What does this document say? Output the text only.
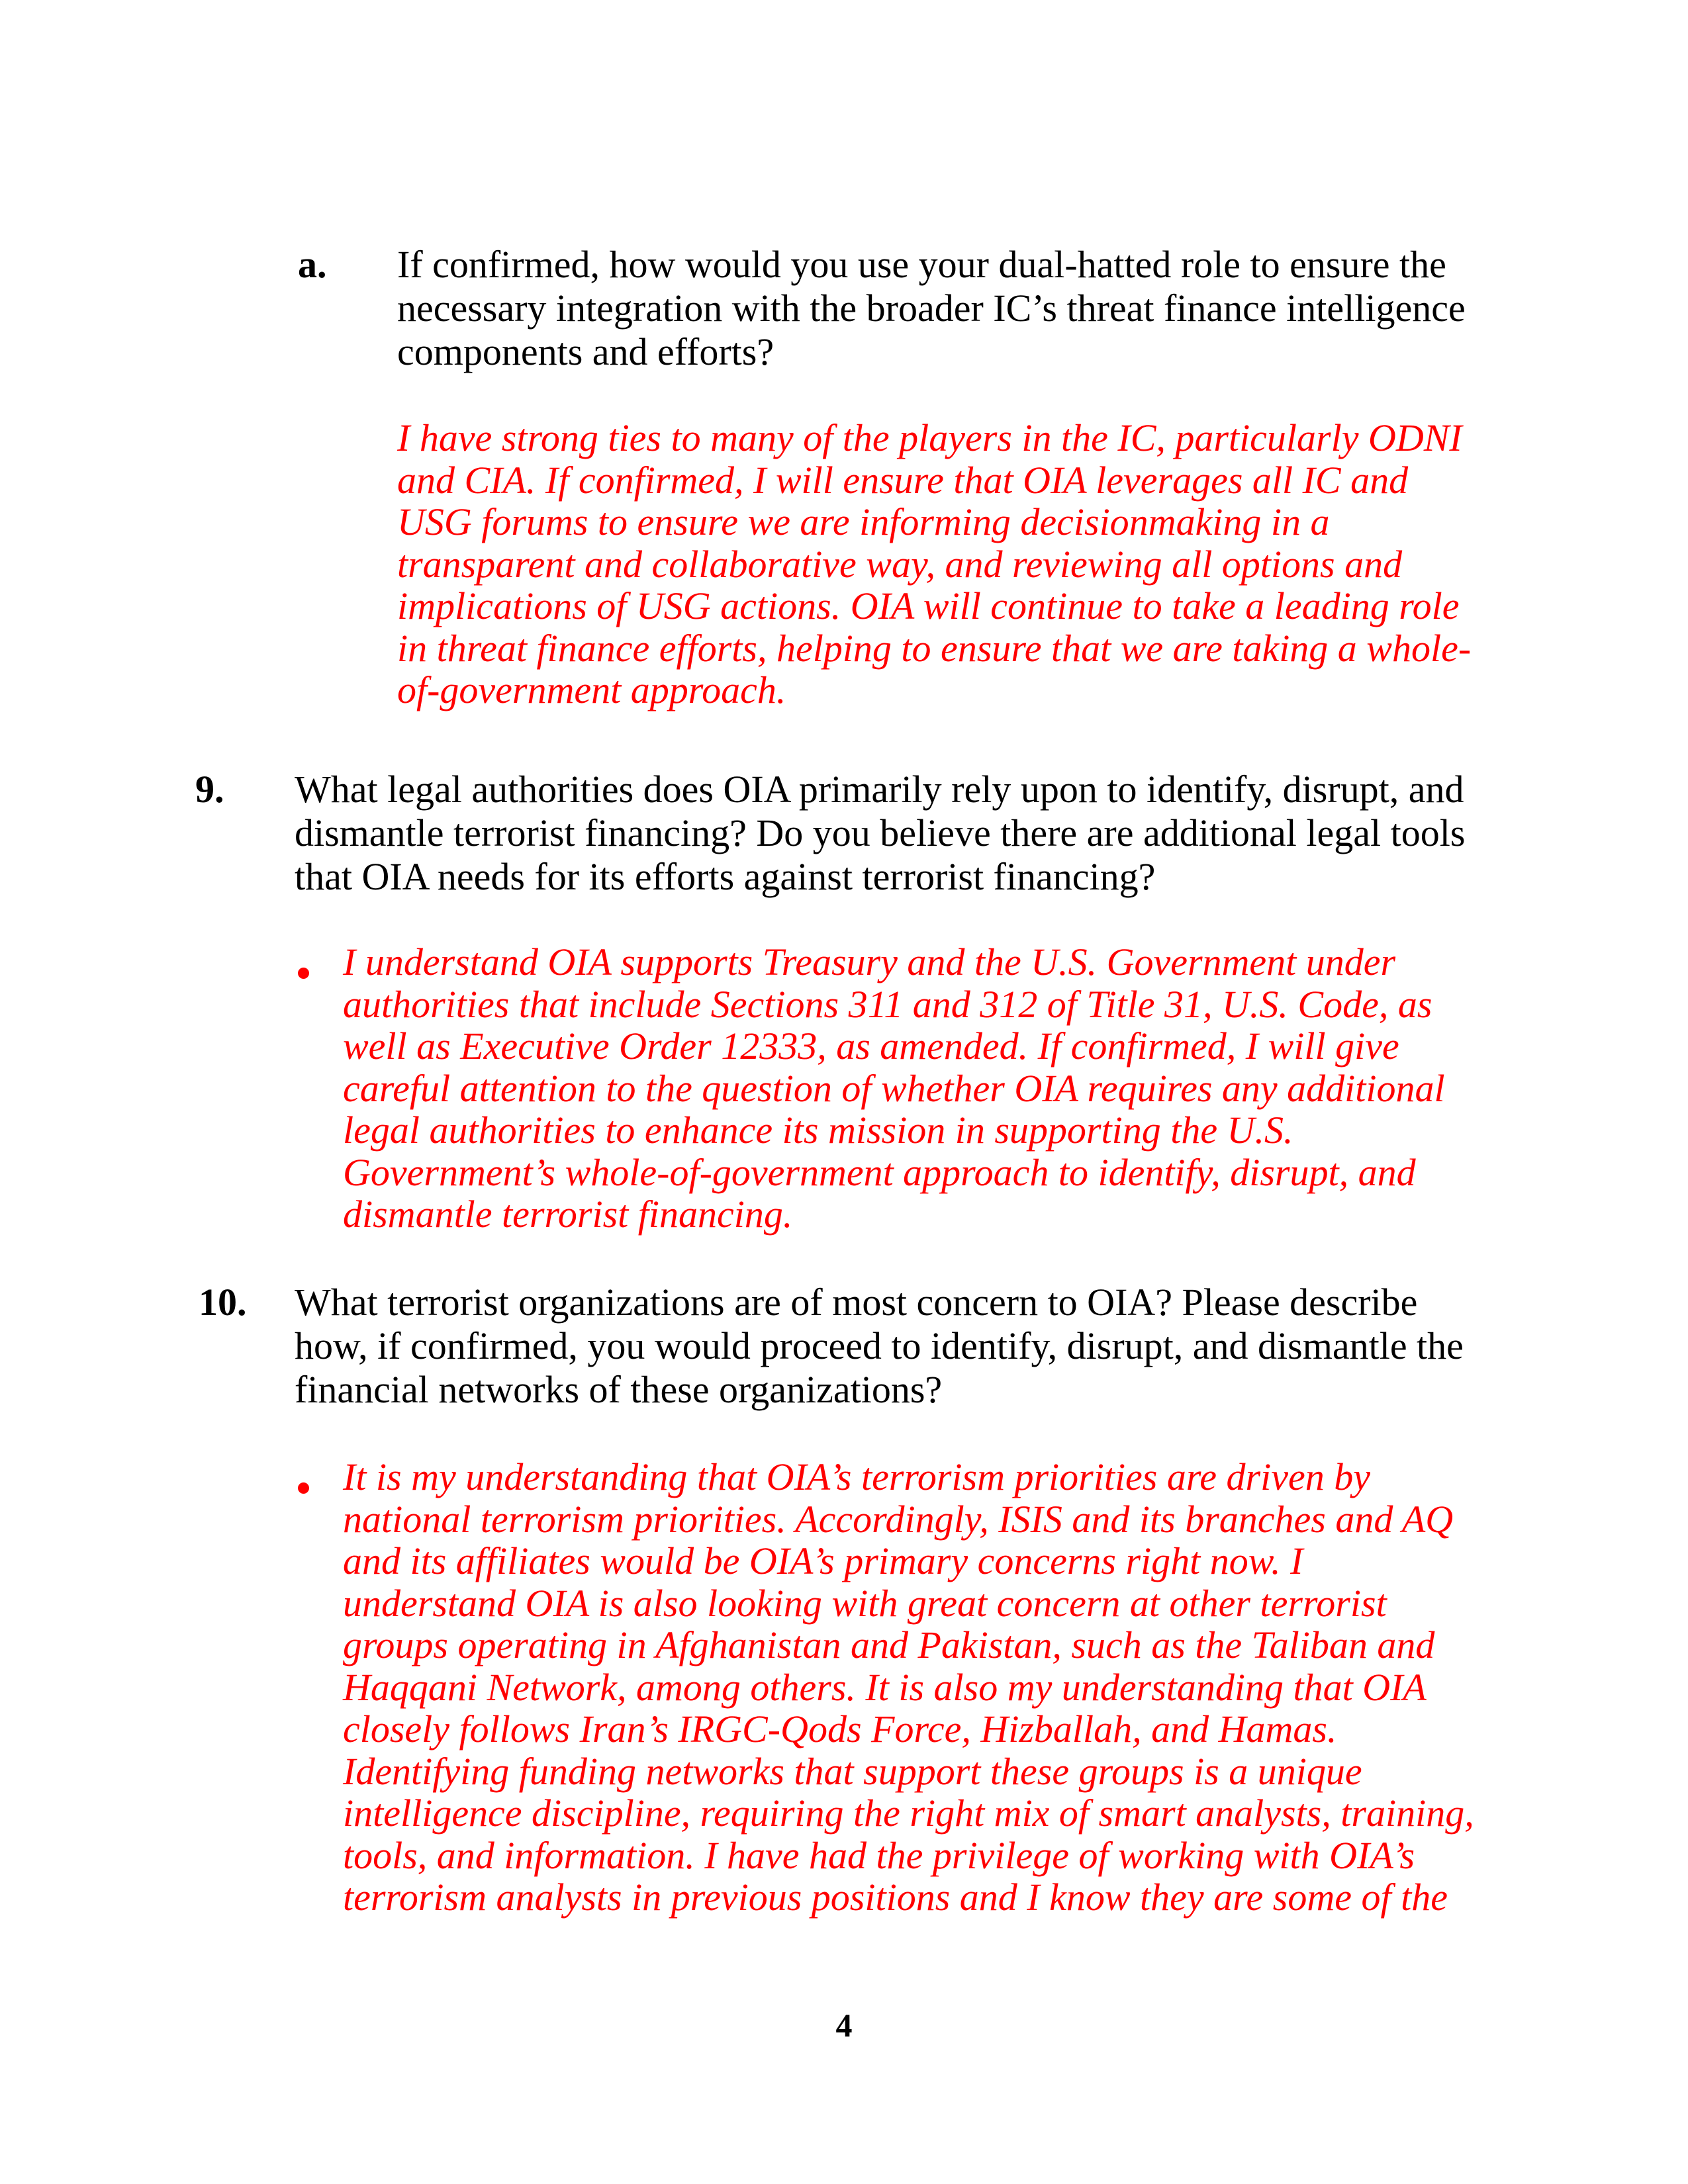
a. If confirmed, how would you use your dual-hatted role to ensure the
necessary integration with the broader IC’s threat finance intelligence
components and efforts?
I have strong ties to many of the players in the IC, particularly ODNI
and CIA. If confirmed, I will ensure that OIA leverages all IC and
USG forums to ensure we are informing decisionmaking in a
transparent and collaborative way, and reviewing all options and
implications of USG actions. OIA will continue to take a leading role
in threat finance efforts, helping to ensure that we are taking a whole-
of-government approach.
9. What legal authorities does OIA primarily rely upon to identify, disrupt, and
dismantle terrorist financing? Do you believe there are additional legal tools
that OIA needs for its efforts against terrorist financing?
I understand OIA supports Treasury and the U.S. Government under
authorities that include Sections 311 and 312 of Title 31, U.S. Code, as
well as Executive Order 12333, as amended. If confirmed, I will give
careful attention to the question of whether OIA requires any additional
legal authorities to enhance its mission in supporting the U.S.
Government’s whole-of-government approach to identify, disrupt, and
dismantle terrorist financing.
10. What terrorist organizations are of most concern to OIA? Please describe
how, if confirmed, you would proceed to identify, disrupt, and dismantle the
financial networks of these organizations?
It is my understanding that OIA’s terrorism priorities are driven by
national terrorism priorities. Accordingly, ISIS and its branches and AQ
and its affiliates would be OIA’s primary concerns right now. I
understand OIA is also looking with great concern at other terrorist
groups operating in Afghanistan and Pakistan, such as the Taliban and
Haqqani Network, among others. It is also my understanding that OIA
closely follows Iran’s IRGC-Qods Force, Hizballah, and Hamas.
Identifying funding networks that support these groups is a unique
intelligence discipline, requiring the right mix of smart analysts, training,
tools, and information. I have had the privilege of working with OIA’s
terrorism analysts in previous positions and I know they are some of the
4
